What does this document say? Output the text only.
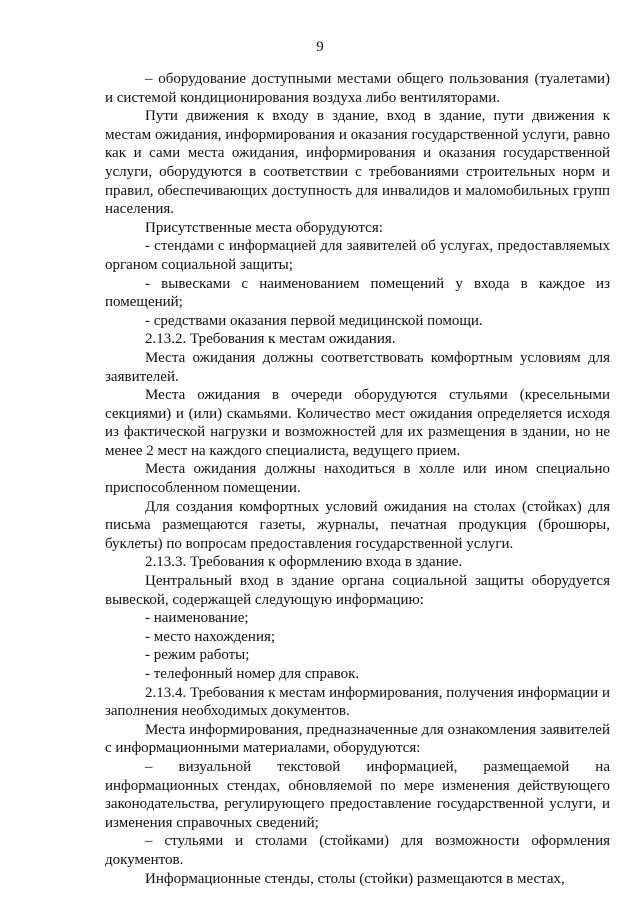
9

– оборудование доступными местами общего пользования (туалетами) и системой кондиционирования воздуха либо вентиляторами.

Пути движения к входу в здание, вход в здание, пути движения к местам ожидания, информирования и оказания государственной услуги, равно как и сами места ожидания, информирования и оказания государственной услуги, оборудуются в соответствии с требованиями строительных норм и правил, обеспечивающих доступность для инвалидов и маломобильных групп населения.

Присутственные места оборудуются:

- стендами с информацией для заявителей об услугах, предоставляемых органом социальной защиты;

- вывесками с наименованием помещений у входа в каждое из помещений;

- средствами оказания первой медицинской помощи.

2.13.2. Требования к местам ожидания.

Места ожидания должны соответствовать комфортным условиям для заявителей.

Места ожидания в очереди оборудуются стульями (кресельными секциями) и (или) скамьями. Количество мест ожидания определяется исходя из фактической нагрузки и возможностей для их размещения в здании, но не менее 2 мест на каждого специалиста, ведущего прием.

Места ожидания должны находиться в холле или ином специально приспособленном помещении.

Для создания комфортных условий ожидания на столах (стойках) для письма размещаются газеты, журналы, печатная продукция (брошюры, буклеты) по вопросам предоставления государственной услуги.

2.13.3. Требования к оформлению входа в здание.

Центральный вход в здание органа социальной защиты оборудуется вывеской, содержащей следующую информацию:

- наименование;

- место нахождения;

- режим работы;

- телефонный номер для справок.

2.13.4. Требования к местам информирования, получения информации и заполнения необходимых документов.

Места информирования, предназначенные для ознакомления заявителей с информационными материалами, оборудуются:

– визуальной текстовой информацией, размещаемой на информационных стендах, обновляемой по мере изменения действующего законодательства, регулирующего предоставление государственной услуги, и изменения справочных сведений;

– стульями и столами (стойками) для возможности оформления документов.

Информационные стенды, столы (стойки) размещаются в местах,
